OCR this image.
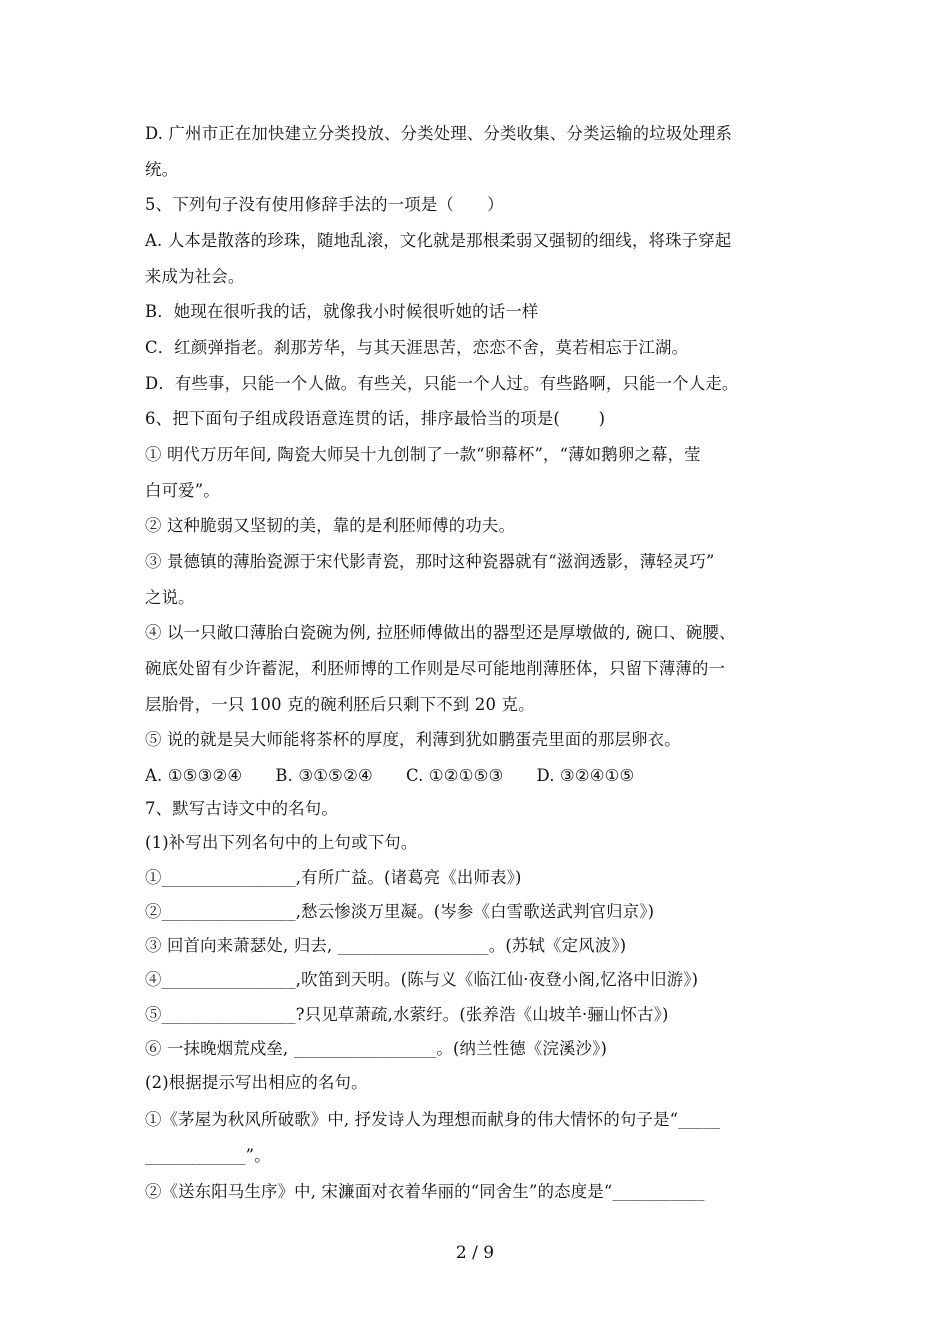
D. 广州市正在加快建立分类投放、分类处理、分类收集、分类运输的垃圾处理系
统。
5、下列句子没有使用修辞手法的一项是（　　）
A. 人本是散落的珍珠，随地乱滚，文化就是那根柔弱又强韧的细线，将珠子穿起
来成为社会。
B．她现在很听我的话，就像我小时候很听她的话一样
C．红颜弹指老。刹那芳华，与其天涯思苦，恋恋不舍，莫若相忘于江湖。
D．有些事，只能一个人做。有些关，只能一个人过。有些路啊，只能一个人走。
6、把下面句子组成段语意连贯的话，排序最恰当的项是(　　 )
① 明代万历年间, 陶瓷大师吴十九创制了一款“卵幕杯”，“薄如鹅卵之幕，莹
白可爱”。
② 这种脆弱又坚韧的美，靠的是利胚师傅的功夫。
③ 景德镇的薄胎瓷源于宋代影青瓷，那时这种瓷器就有“滋润透影，薄轻灵巧”
之说。
④ 以一只敞口薄胎白瓷碗为例, 拉胚师傅做出的器型还是厚墩做的, 碗口、碗腰、
碗底处留有少许蓄泥，利胚师博的工作则是尽可能地削薄胚体，只留下薄薄的一
层胎骨，一只 100 克的碗利胚后只剩下不到 20 克。
⑤ 说的就是吴大师能将茶杯的厚度，利薄到犹如鹏蛋壳里面的那层卵衣。
A. ①⑤③②④　　B. ③①⑤②④　　C. ①②①⑤③　　D. ③②④①⑤
7、默写古诗文中的名句。
(1)补写出下列名句中的上句或下句。
①________________,有所广益。(诸葛亮《出师表》)
②________________,愁云惨淡万里凝。(岑参《白雪歌送武判官归京》)
③ 回首向来萧瑟处, 归去, __________________。(苏轼《定风波》)
④________________,吹笛到天明。(陈与义《临江仙·夜登小阁,忆洛中旧游》)
⑤________________?只见草萧疏,水萦纡。(张养浩《山坡羊·骊山怀古》)
⑥ 一抹晚烟荒戍垒, _________________。(纳兰性德《浣溪沙》)
(2)根据提示写出相应的名句。
①《茅屋为秋风所破歌》中, 抒发诗人为理想而献身的伟大情怀的句子是“_____
____________”。
②《送东阳马生序》中, 宋濂面对衣着华丽的“同舍生”的态度是“___________
2 / 9
